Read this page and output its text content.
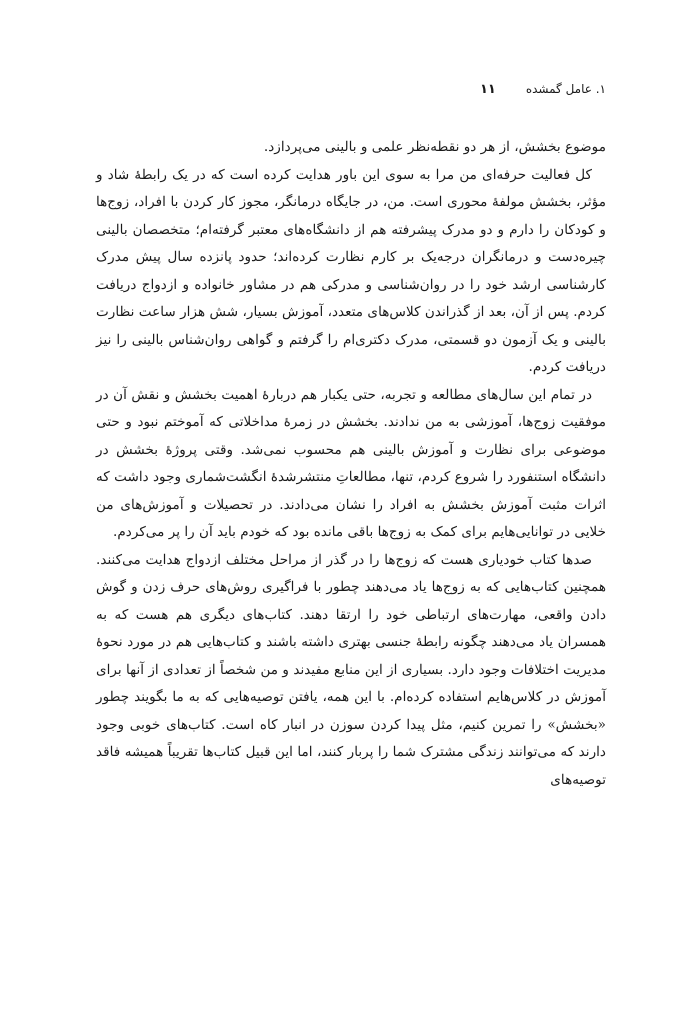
۱. عامل گمشده
۱۱

موضوع بخشش، از هر دو نقطه‌نظر علمی و بالینی می‌پردازد.

کل فعالیت حرفه‌ای من مرا به سوی این باور هدایت کرده است که در یک رابطهٔ شاد و مؤثر، بخشش مولفهٔ محوری است. من، در جایگاه درمانگر، مجوز کار کردن با افراد، زوج‌ها و کودکان را دارم و دو مدرک پیشرفته هم از دانشگاه‌های معتبر گرفته‌ام؛ متخصصان بالینی چیره‌دست و درمانگران درجه‌یک بر کارم نظارت کرده‌اند؛ حدود پانزده سال پیش مدرک کارشناسی ارشد خود را در روان‌شناسی و مدرکی هم در مشاور خانواده و ازدواج دریافت کردم. پس از آن، بعد از گذراندن کلاس‌های متعدد، آموزش بسیار، شش هزار ساعت نظارت بالینی و یک آزمون دو قسمتی، مدرک دکتری‌ام را گرفتم و گواهی روان‌شناس بالینی را نیز دریافت کردم.

در تمام این سال‌های مطالعه و تجربه، حتی یکبار هم دربارهٔ اهمیت بخشش و نقش آن در موفقیت زوج‌ها، آموزشی به من ندادند. بخشش در زمرهٔ مداخلاتی که آموختم نبود و حتی موضوعی برای نظارت و آموزش بالینی هم محسوب نمی‌شد. وقتی پروژهٔ بخشش در دانشگاه استنفورد را شروع کردم، تنها، مطالعاتِ منتشرشدهٔ انگشت‌شماری وجود داشت که اثرات مثبت آموزش بخشش به افراد را نشان می‌دادند. در تحصیلات و آموزش‌های من خلایی در توانایی‌هایم برای کمک به زوج‌ها باقی مانده بود که خودم باید آن را پر می‌کردم.

صدها کتاب خودیاری هست که زوج‌ها را در گذر از مراحل مختلف ازدواج هدایت می‌کنند. همچنین کتاب‌هایی که به زوج‌ها یاد می‌دهند چطور با فراگیری روش‌های حرف زدن و گوش دادن واقعی، مهارت‌های ارتباطی خود را ارتقا دهند. کتاب‌های دیگری هم هست که به همسران یاد می‌دهند چگونه رابطهٔ جنسی بهتری داشته باشند و کتاب‌هایی هم در مورد نحوهٔ مدیریت اختلافات وجود دارد. بسیاری از این منابع مفیدند و من شخصاً از تعدادی از آنها برای آموزش در کلاس‌هایم استفاده کرده‌ام. با این همه، یافتن توصیه‌هایی که به ما بگویند چطور «بخشش» را تمرین کنیم، مثل پیدا کردن سوزن در انبار کاه است. کتاب‌های خوبی وجود دارند که می‌توانند زندگی مشترک شما را پربار کنند، اما این قبیل کتاب‌ها تقریباً همیشه فاقد توصیه‌های
